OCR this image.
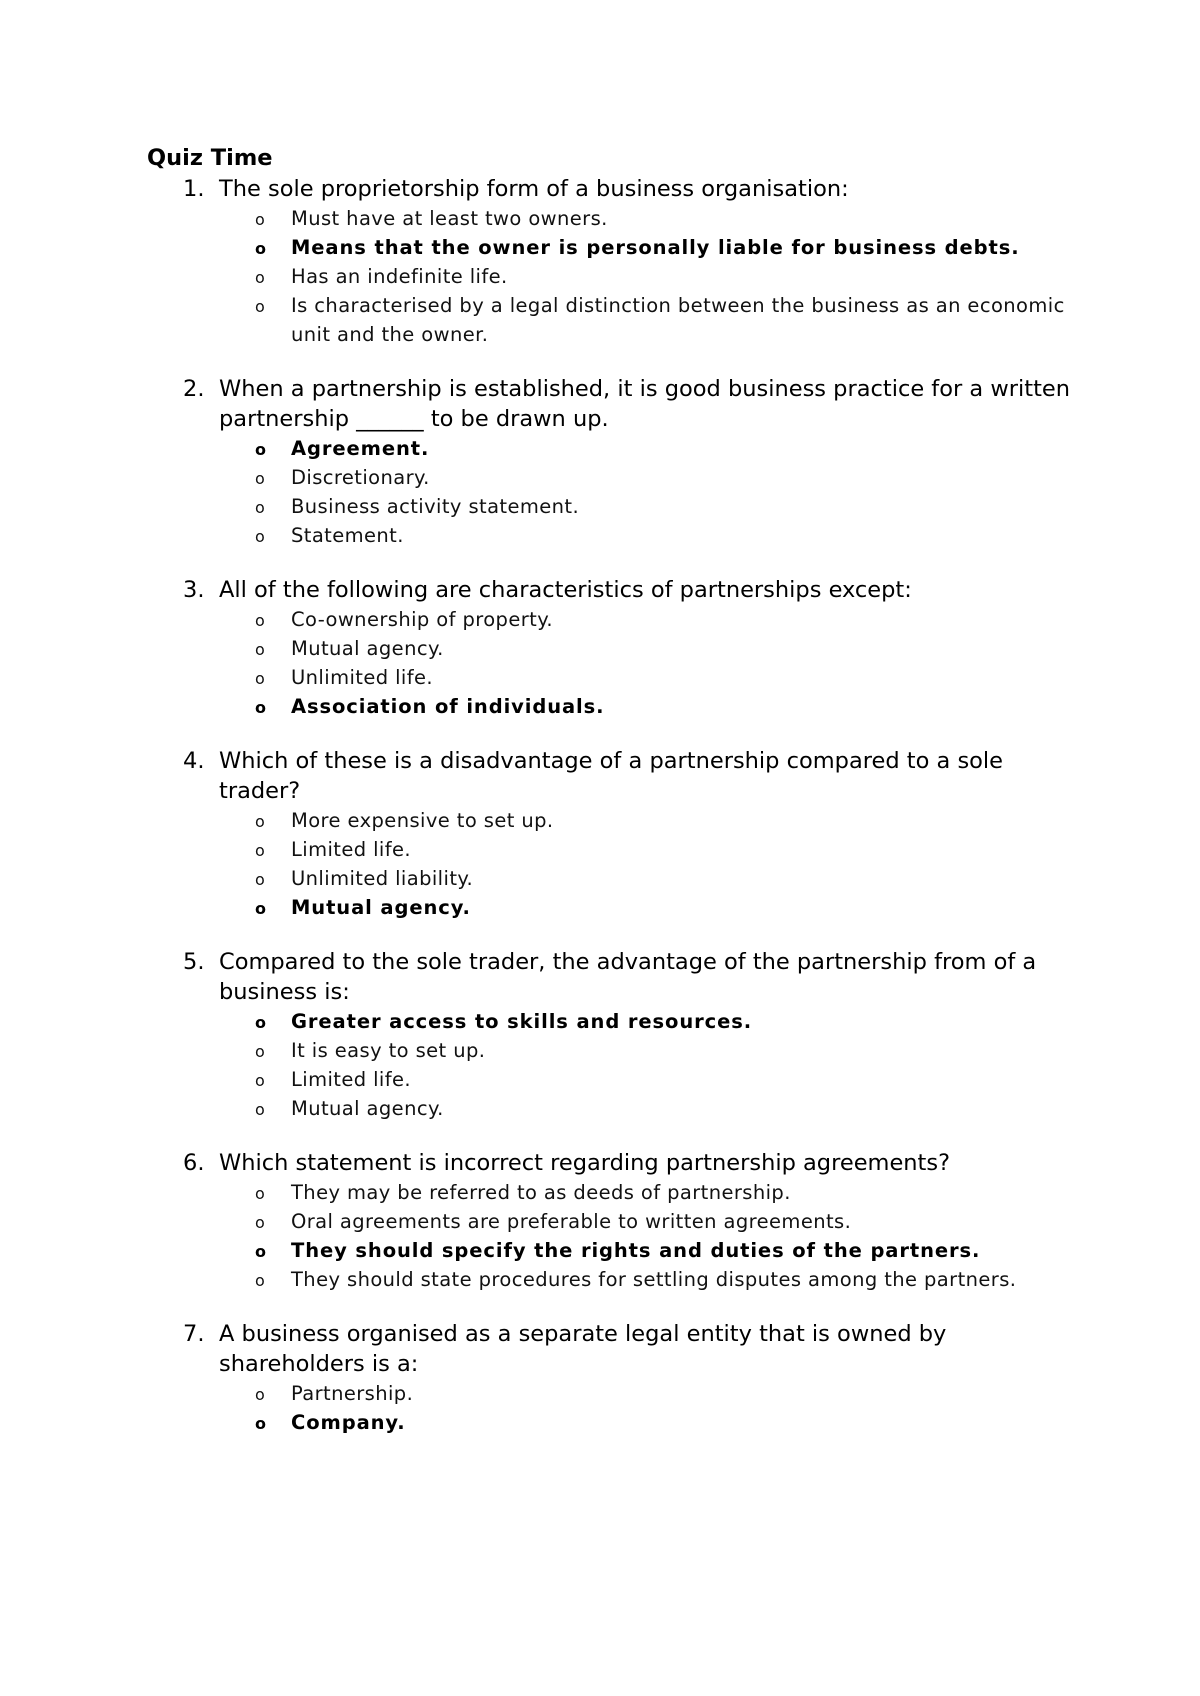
Quiz Time
1. The sole proprietorship form of a business organisation:
o Must have at least two owners.
o Means that the owner is personally liable for business debts.
o Has an indefinite life.
o Is characterised by a legal distinction between the business as an economic unit and the owner.
2. When a partnership is established, it is good business practice for a written partnership ______ to be drawn up.
o Agreement.
o Discretionary.
o Business activity statement.
o Statement.
3. All of the following are characteristics of partnerships except:
o Co-ownership of property.
o Mutual agency.
o Unlimited life.
o Association of individuals.
4. Which of these is a disadvantage of a partnership compared to a sole trader?
o More expensive to set up.
o Limited life.
o Unlimited liability.
o Mutual agency.
5. Compared to the sole trader, the advantage of the partnership from of a business is:
o Greater access to skills and resources.
o It is easy to set up.
o Limited life.
o Mutual agency.
6. Which statement is incorrect regarding partnership agreements?
o They may be referred to as deeds of partnership.
o Oral agreements are preferable to written agreements.
o They should specify the rights and duties of the partners.
o They should state procedures for settling disputes among the partners.
7. A business organised as a separate legal entity that is owned by shareholders is a:
o Partnership.
o Company.
